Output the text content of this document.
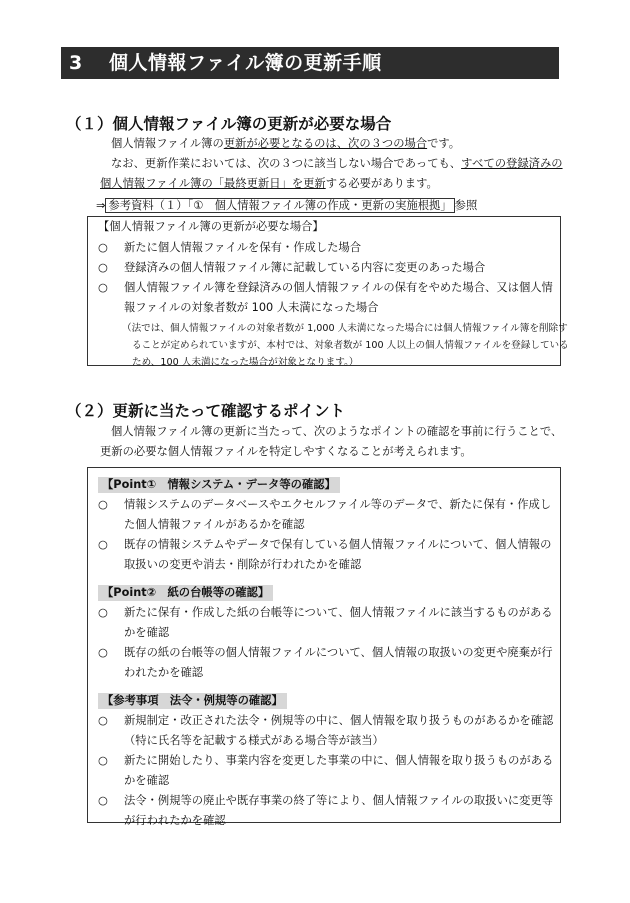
3 個人情報ファイル簿の更新手順
（１）個人情報ファイル簿の更新が必要な場合
個人情報ファイル簿の更新が必要となるのは、次の３つの場合です。
なお、更新作業においては、次の３つに該当しない場合であっても、すべての登録済みの
個人情報ファイル簿の「最終更新日」を更新する必要があります。
⇒ 参考資料（１）「①　個人情報ファイル簿の作成・更新の実施根拠」 参照
【個人情報ファイル簿の更新が必要な場合】
○ 新たに個人情報ファイルを保有・作成した場合
○ 登録済みの個人情報ファイル簿に記載している内容に変更のあった場合
○ 個人情報ファイル簿を登録済みの個人情報ファイルの保有をやめた場合、又は個人情
報ファイルの対象者数が 100 人未満になった場合
（法では、個人情報ファイルの対象者数が 1,000 人未満になった場合には個人情報ファイル簿を削除す
ることが定められていますが、本村では、対象者数が 100 人以上の個人情報ファイルを登録している
ため、100 人未満になった場合が対象となります。）
（２）更新に当たって確認するポイント
個人情報ファイル簿の更新に当たって、次のようなポイントの確認を事前に行うことで、
更新の必要な個人情報ファイルを特定しやすくなることが考えられます。
【Point①　情報システム・データ等の確認】
○ 情報システムのデータベースやエクセルファイル等のデータで、新たに保有・作成し
た個人情報ファイルがあるかを確認
○ 既存の情報システムやデータで保有している個人情報ファイルについて、個人情報の
取扱いの変更や消去・削除が行われたかを確認
【Point②　紙の台帳等の確認】
○ 新たに保有・作成した紙の台帳等について、個人情報ファイルに該当するものがある
かを確認
○ 既存の紙の台帳等の個人情報ファイルについて、個人情報の取扱いの変更や廃棄が行
われたかを確認
【参考事項　法令・例規等の確認】
○ 新規制定・改正された法令・例規等の中に、個人情報を取り扱うものがあるかを確認
（特に氏名等を記載する様式がある場合等が該当）
○ 新たに開始したり、事業内容を変更した事業の中に、個人情報を取り扱うものがある
かを確認
○ 法令・例規等の廃止や既存事業の終了等により、個人情報ファイルの取扱いに変更等
が行われたかを確認
